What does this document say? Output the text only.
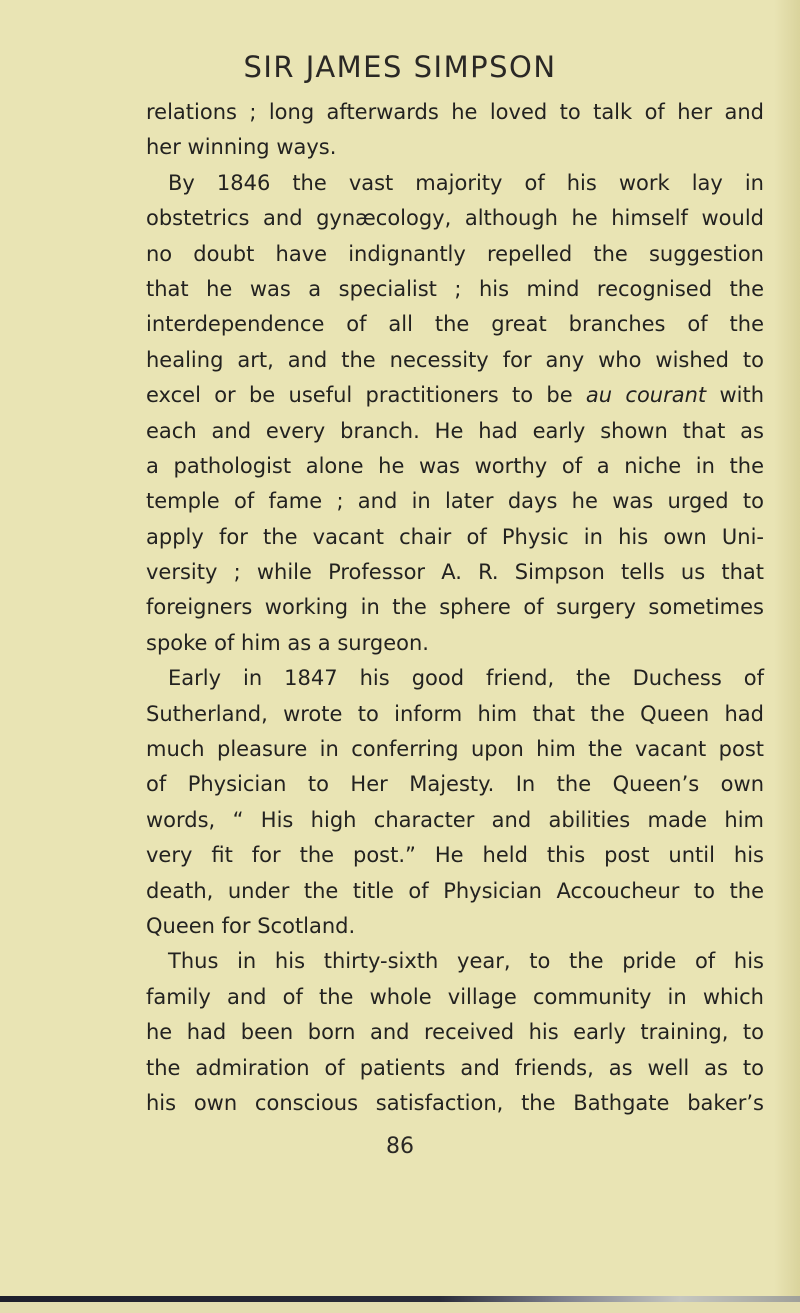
SIR JAMES SIMPSON
relations ; long afterwards he loved to talk of her and
her winning ways.
By 1846 the vast majority of his work lay in
obstetrics and gynæcology, although he himself would
no doubt have indignantly repelled the suggestion
that he was a specialist ; his mind recognised the
interdependence of all the great branches of the
healing art, and the necessity for any who wished to
excel or be useful practitioners to be au courant with
each and every branch. He had early shown that as
a pathologist alone he was worthy of a niche in the
temple of fame ; and in later days he was urged to
apply for the vacant chair of Physic in his own Uni-
versity ; while Professor A. R. Simpson tells us that
foreigners working in the sphere of surgery sometimes
spoke of him as a surgeon.
Early in 1847 his good friend, the Duchess of
Sutherland, wrote to inform him that the Queen had
much pleasure in conferring upon him the vacant post
of Physician to Her Majesty. In the Queen’s own
words, “ His high character and abilities made him
very fit for the post.” He held this post until his
death, under the title of Physician Accoucheur to the
Queen for Scotland.
Thus in his thirty-sixth year, to the pride of his
family and of the whole village community in which
he had been born and received his early training, to
the admiration of patients and friends, as well as to
his own conscious satisfaction, the Bathgate baker’s
86
